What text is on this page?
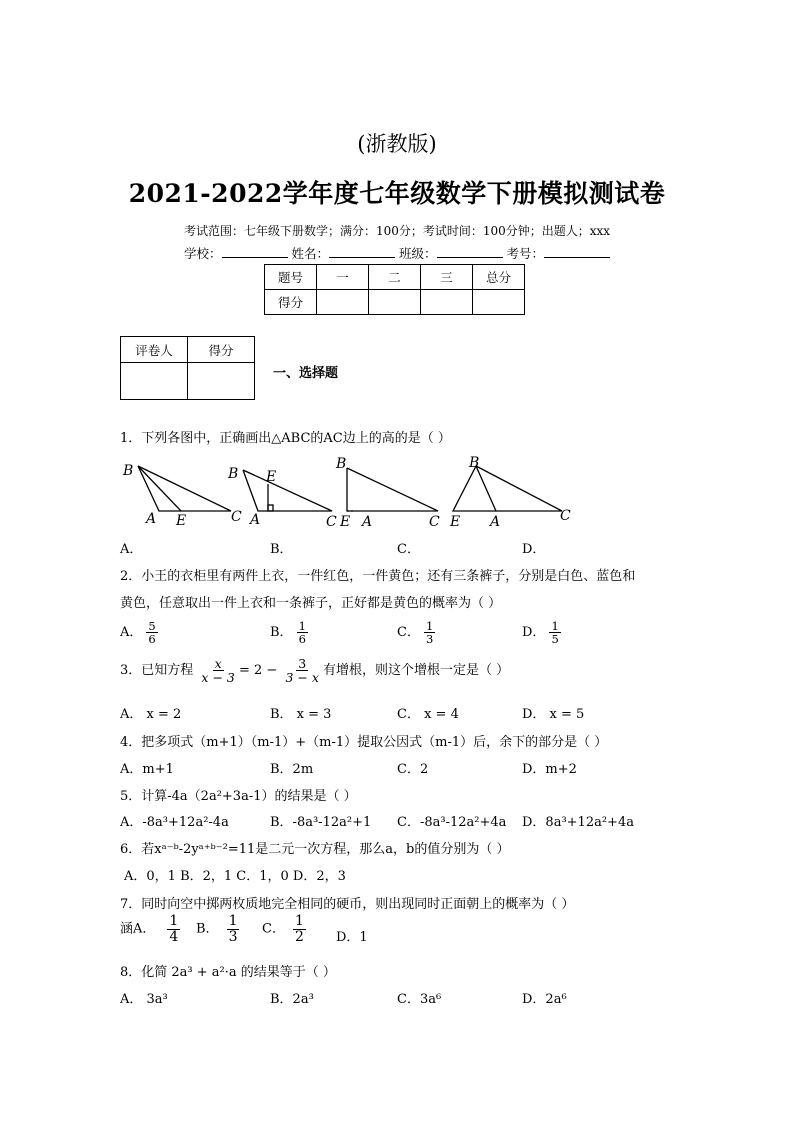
(浙教版)
2021-2022学年度七年级数学下册模拟测试卷
考试范围：七年级下册数学；满分：100分；考试时间：100分钟；出题人；xxx
学校：	姓名：	班级：	考号：
题号	一	二	三	总分
得分				
评卷人	得分

一、选择题
1．下列各图中，正确画出△ABC的AC边上的高的是（ ）
B
A E	C
B E
A	C
B
E A	C
B
E A	C
A．	B．	C．	D．
2．小王的衣柜里有两件上衣，一件红色，一件黄色；还有三条裤子，分别是白色、蓝色和
黄色，任意取出一件上衣和一条裤子，正好都是黄色的概率为（ ）
A． $\frac{5}{6}$	B． $\frac{1}{6}$	C． $\frac{1}{3}$	D． $\frac{1}{5}$
3．已知方程 $\frac{x}{x - 3} = 2 - \frac{3}{3 - x}$ 有增根，则这个增根一定是（ ）
A． x = 2	B． x = 3	C． x = 4	D． x = 5
4．把多项式（m+1）（m-1）+（m-1）提取公因式（m-1）后，余下的部分是（ ）
A．m+1	B．2m	C．2	D．m+2
5．计算-4a（2a²+3a-1）的结果是（ ）
A．-8a³+12a²-4a	B．-8a³-12a²+1 C．-8a³-12a²+4a D．8a³+12a²+4a
6．若xᵃ⁻ᵇ-2yᵃ⁺ᵇ⁻²=11是二元一次方程，那么a，b的值分别为（ ）
A．0，1 B．2，1 C．1，0 D．2，3
7．同时向空中掷两枚质地完全相同的硬币，则出现同时正面朝上的概率为（ ）
涵A． $\frac{1}{4}$ B． $\frac{1}{3}$ C． $\frac{1}{2}$ D．1
8．化简 2a³ + a²·a 的结果等于（ ）
A． 3a³	B．2a³	C．3a⁶	D．2a⁶
